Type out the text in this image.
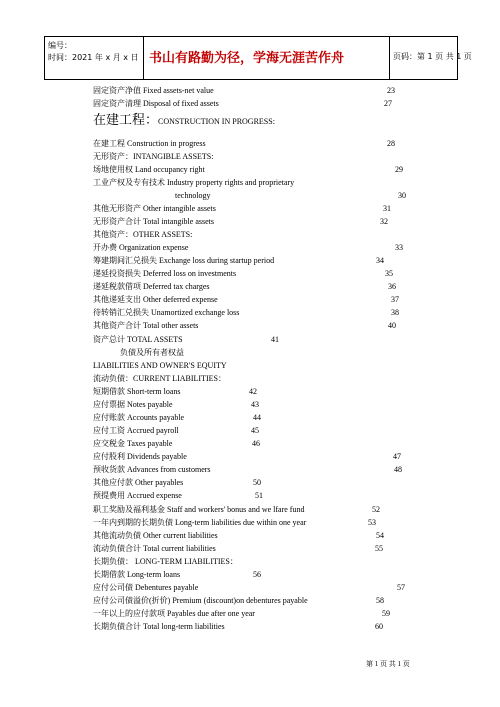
编号：
时间：2021 年 x 月 x 日 书山有路勤为径，学海无涯苦作舟	页码：第 1 页 共 1 页
固定资产净值 Fixed assets-net value	23
固定资产清理 Disposal of fixed assets	27
在建工程：CONSTRUCTION IN PROGRESS:
在建工程 Construction in progress	28
无形资产：INTANGIBLE ASSETS:
场地使用权 Land occupancy right	29
工业产权及专有技术 Industry property rights and proprietary
technology	30
其他无形资产 Other intangible assets	31
无形资产合计 Total intangible assets	32
其他资产：OTHER ASSETS:
开办费 Organization expense	33
筹建期间汇兑损失 Exchange loss during startup period	34
递延投资损失 Deferred loss on investments	35
递延税款借项 Deferred tax charges	36
其他递延支出 Other deferred expense	37
待转销汇兑损失 Unamortized exchange loss	38
其他资产合计 Total other assets	40
资产总计 TOTAL ASSETS	41
负债及所有者权益
LIABILITIES AND OWNER'S EQUITY
流动负债：CURRENT LIABILITIES：
短期借款 Short-term loans	42
应付票据 Notes payable	43
应付账款 Accounts payable	44
应付工资 Accrued payroll	45
应交税金 Taxes payable	46
应付股利 Dividends payable	47
预收货款 Advances from customers	48
其他应付款 Other payables	50
预提费用 Accrued expense	51
职工奖励及福利基金 Staff and workers' bonus and we lfare fund	52
一年内到期的长期负债 Long-term liabilities due within one year	53
其他流动负债 Other current liabilities	54
流动负债合计 Total current liabilities	55
长期负债： LONG-TERM LIABILITIES：
长期借款 Long-term loans	56
应付公司债 Debentures payable	57
应付公司债溢价(折价) Premium (discount)on debentures payable	58
一年以上的应付款项 Payables due after one year	59
长期负债合计 Total long-term liabilities	60
第 1 页 共 1 页
